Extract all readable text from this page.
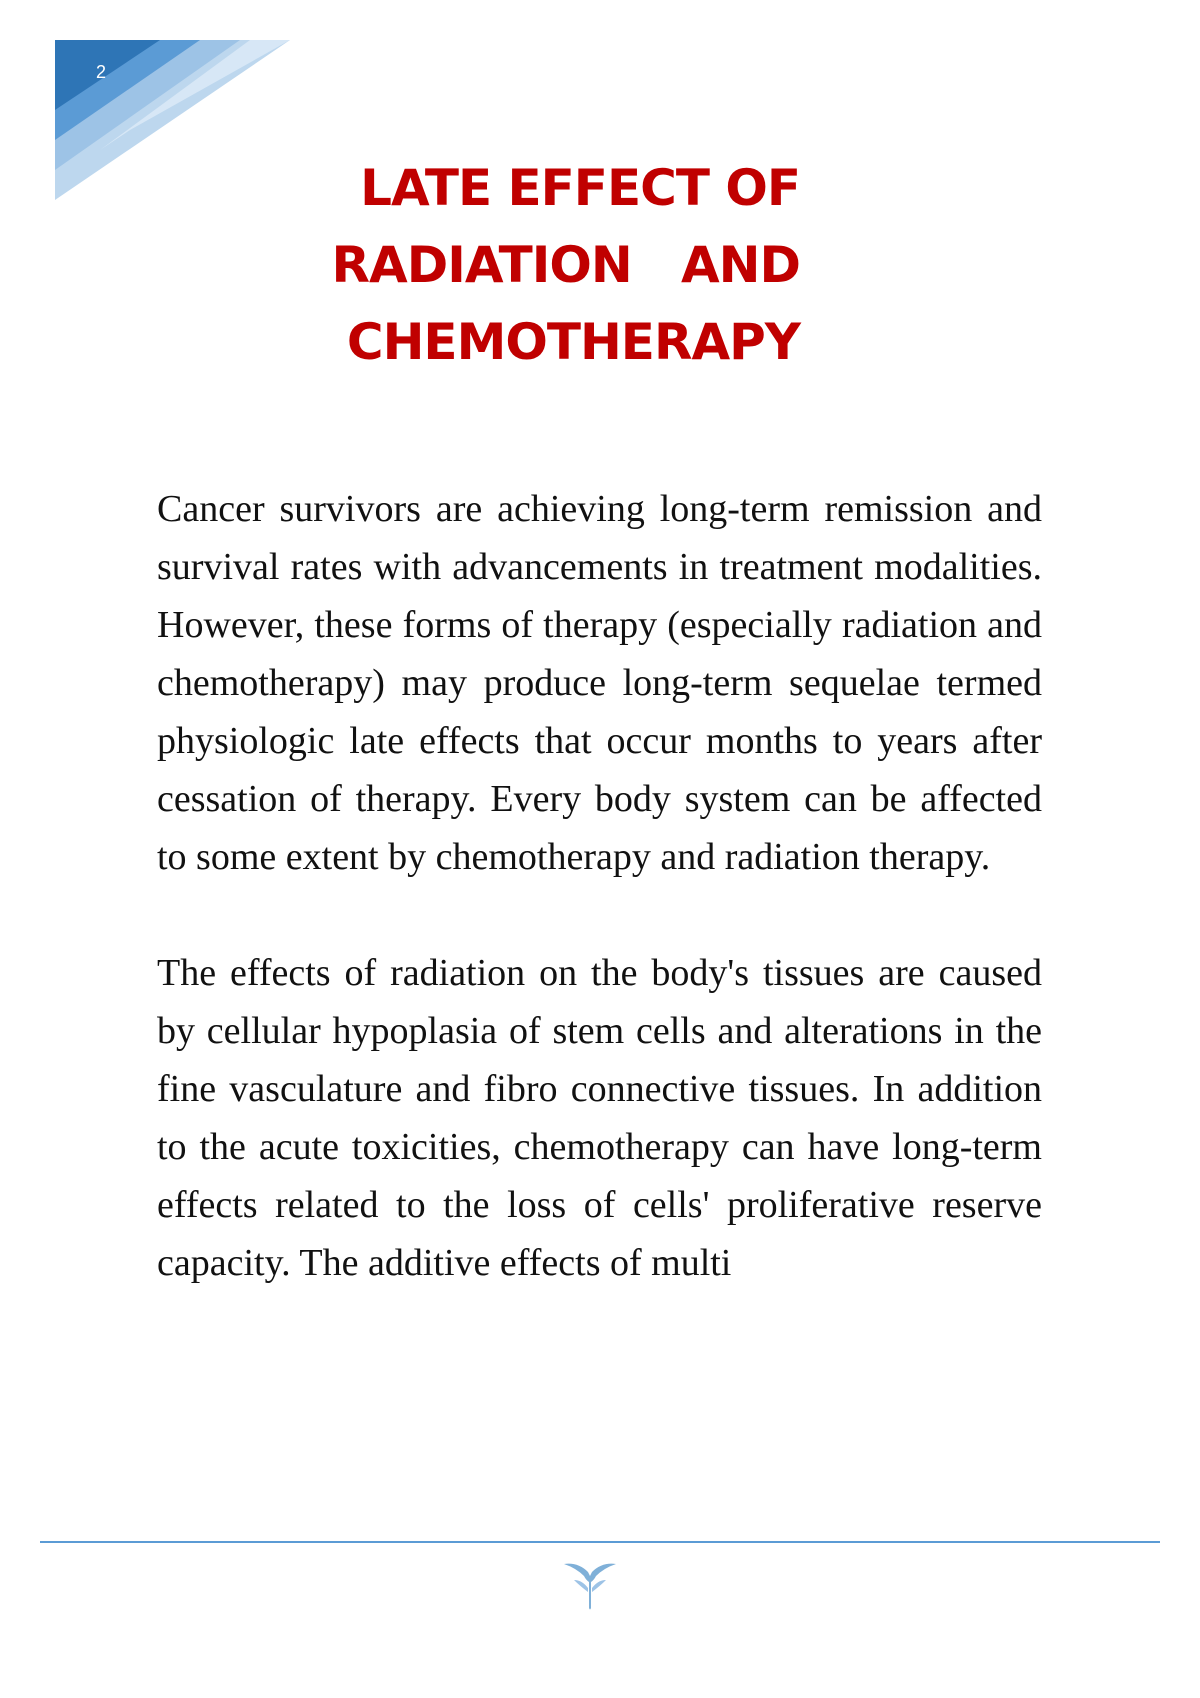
2
LATE EFFECT OF
RADIATION   AND
CHEMOTHERAPY

Cancer survivors are achieving long-term remission and survival rates with advancements in treatment modalities. However, these forms of therapy (especially radiation and chemotherapy) may produce long-term sequelae termed physiologic late effects that occur months to years after cessation of therapy. Every body system can be affected to some extent by chemotherapy and radiation therapy.

The effects of radiation on the body's tissues are caused by cellular hypoplasia of stem cells and alterations in the fine vasculature and fibro connective tissues. In addition to the acute toxicities, chemotherapy can have long-term effects related to the loss of cells' proliferative reserve capacity. The additive effects of multi
